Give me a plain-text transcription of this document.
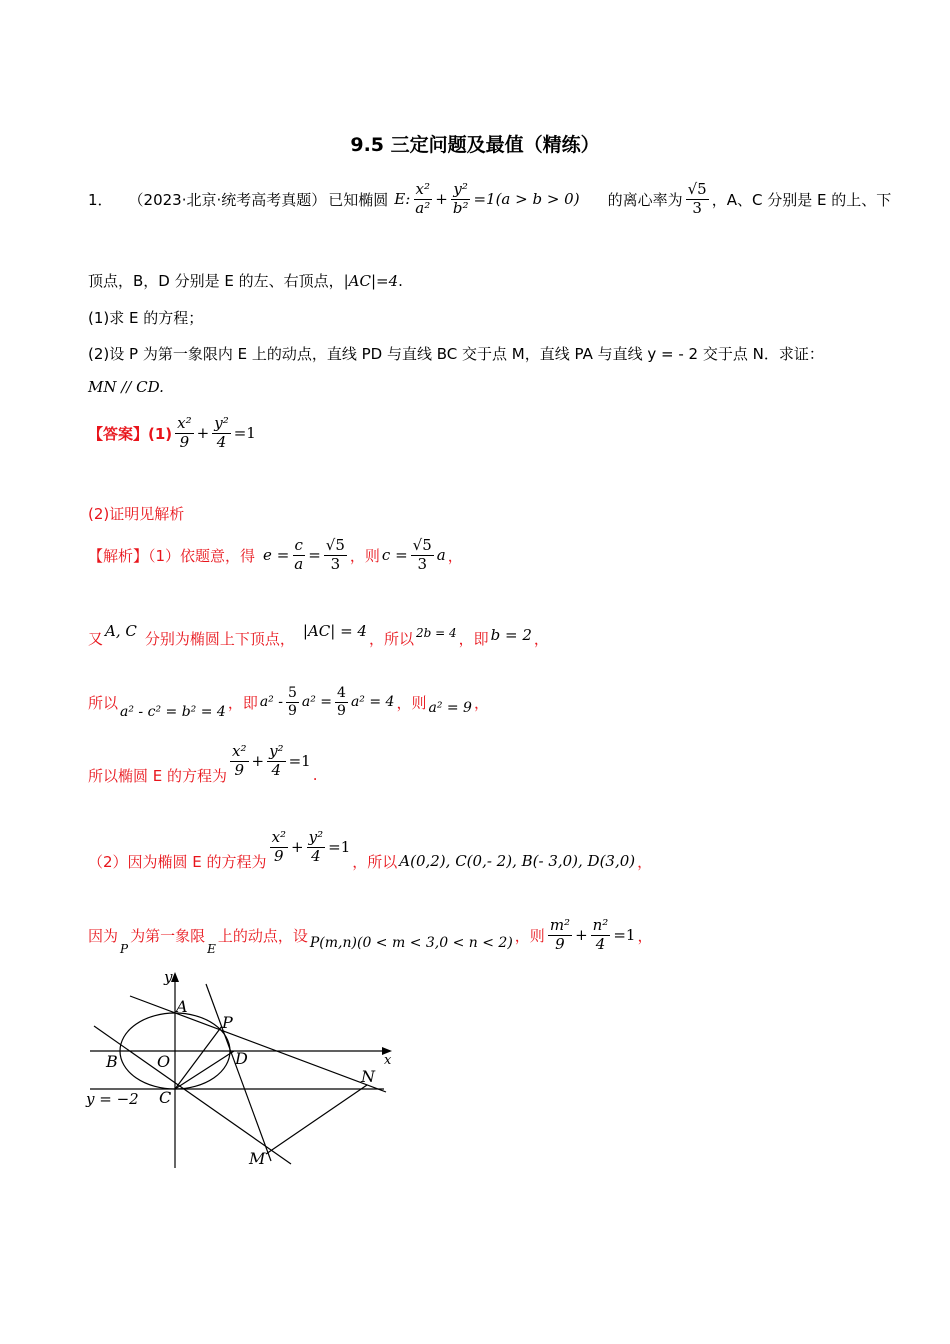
9.5 三定问题及最值（精练）
1． （2023·北京·统考高考真题） 已知椭圆 E: $\frac{\text{x²}}{\text{a²}} + \frac{\text{y²}}{\text{b²}} =1(a > b > 0)$ 的离心率为 $\frac{√5}{3}$ ，A、C 分别是 E 的上、下
顶点，B，D 分别是 E 的左、右顶点，|AC|=4.
(1)求 E 的方程；
(2)设 P 为第一象限内 E 上的动点，直线 PD 与直线 BC 交于点 M，直线 PA 与直线 y = - 2 交于点 N．求证：
MN // CD.
【答案】$(1) \frac{\text{x²}}{9} + \frac{\text{y²}}{4} =1$
(2)证明见解析
【解析】（1）依题意，得 $e = \frac{c}{a} = \frac{√5}{3}$ ，则 $c = \frac{√5}{3}$ a ，
又 A, C 分别为椭圆上下顶点， |AC| = 4 ，所以 2b = 4 ，即 b = 2 ，
所以
a² - c² = b² = 4
，即 $a^2 - \frac{5}{9} a^2 = \frac{4}{9} a^2 = 4$ ，则 a² = 9 ，
所以椭圆 E 的方程为 $\frac{\text{x²}}{9} + \frac{\text{y²}}{4} =1$
.
（2）因为椭圆 E 的方程为 $\frac{\text{x²}}{9} + \frac{\text{y²}}{4} =1$
，所以 A(0,2), C(0,- 2), B(- 3,0), D(3,0) ，
因为
P
为第一象限
E
上的动点，设 P(m,n)(0 < m < 3,0 < n < 2) ，则 $\frac{\text{m²}}{9} + \frac{\text{n²}}{4} =1$ ，
y
x
A
P
B O	D
N
C
M
y = −2
